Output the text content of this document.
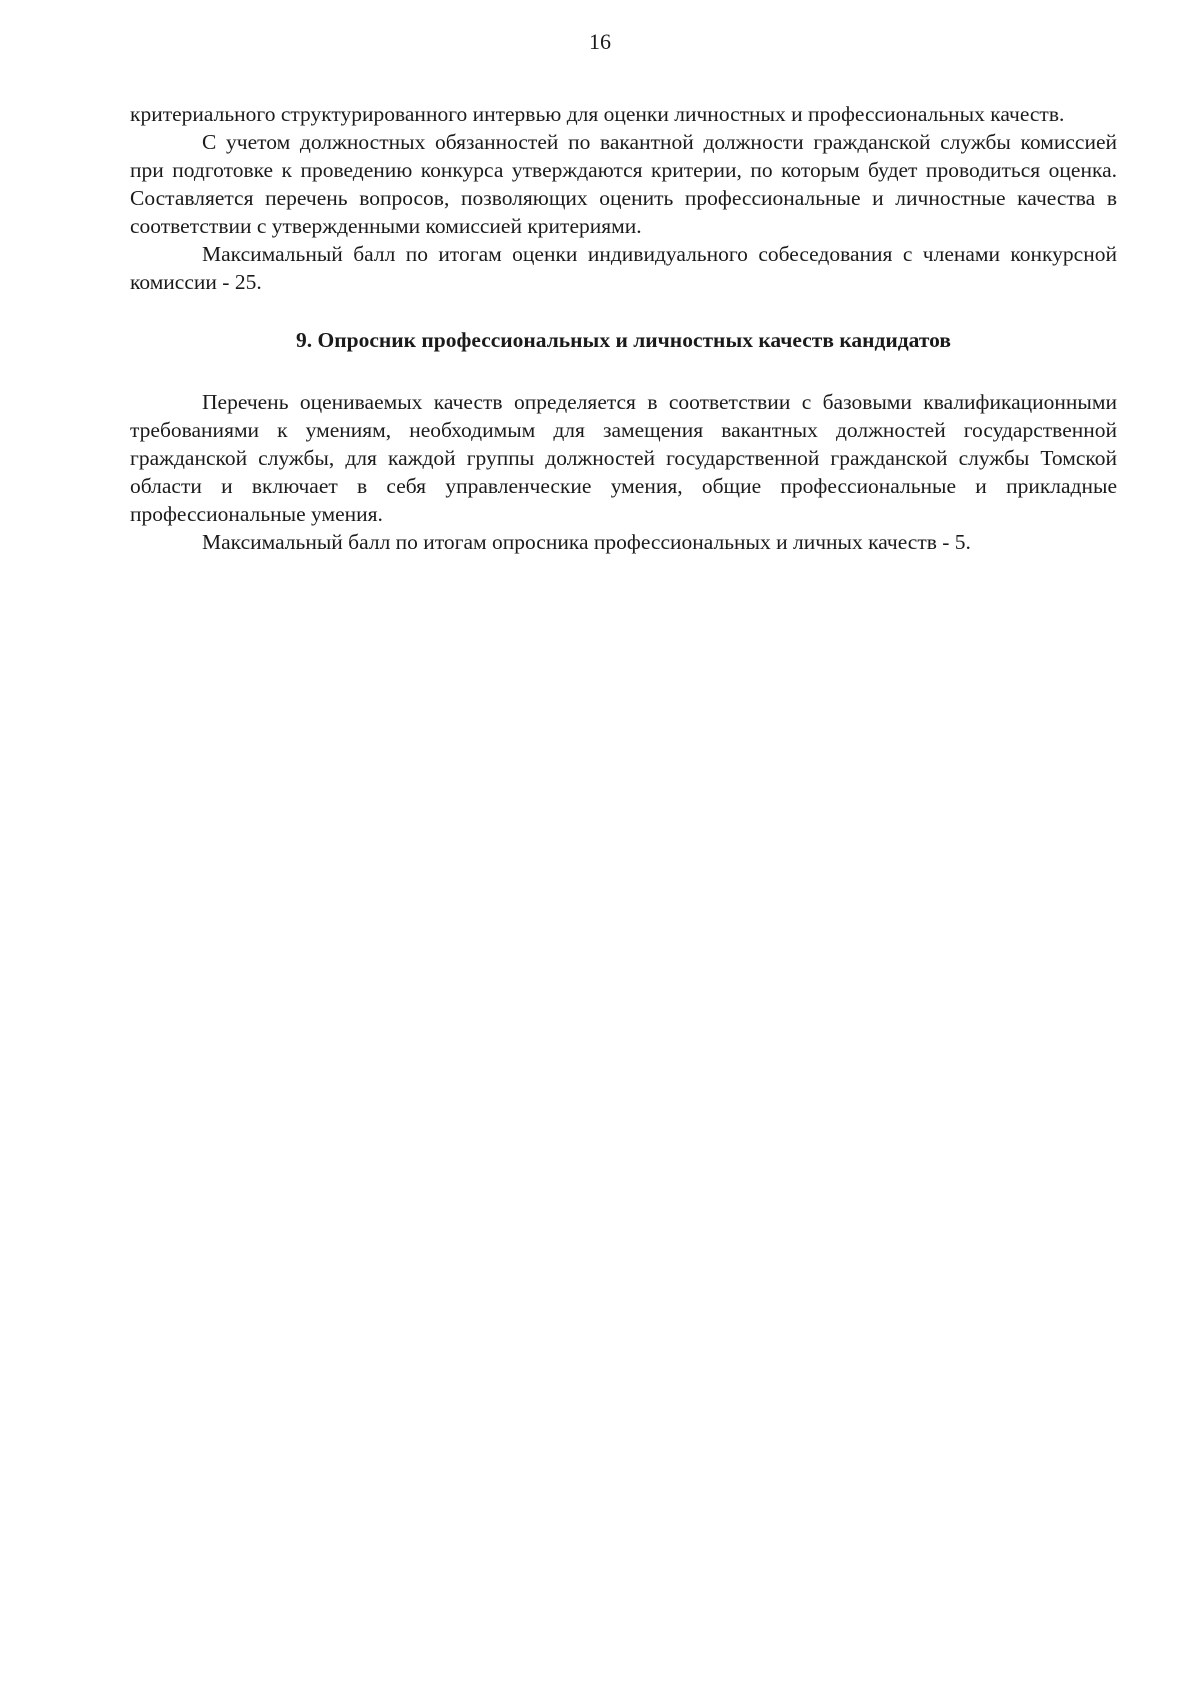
16

критериального структурированного интервью для оценки личностных и профессиональных качеств.

С учетом должностных обязанностей по вакантной должности гражданской службы комиссией при подготовке к проведению конкурса утверждаются критерии, по которым будет проводиться оценка. Составляется перечень вопросов, позволяющих оценить профессиональные и личностные качества в соответствии с утвержденными комиссией критериями.

Максимальный балл по итогам оценки индивидуального собеседования с членами конкурсной комиссии - 25.

9. Опросник профессиональных и личностных качеств кандидатов

Перечень оцениваемых качеств определяется в соответствии с базовыми квалификационными требованиями к умениям, необходимым для замещения вакантных должностей государственной гражданской службы, для каждой группы должностей государственной гражданской службы Томской области и включает в себя управленческие умения, общие профессиональные и прикладные профессиональные умения.

Максимальный балл по итогам опросника профессиональных и личных качеств - 5.
